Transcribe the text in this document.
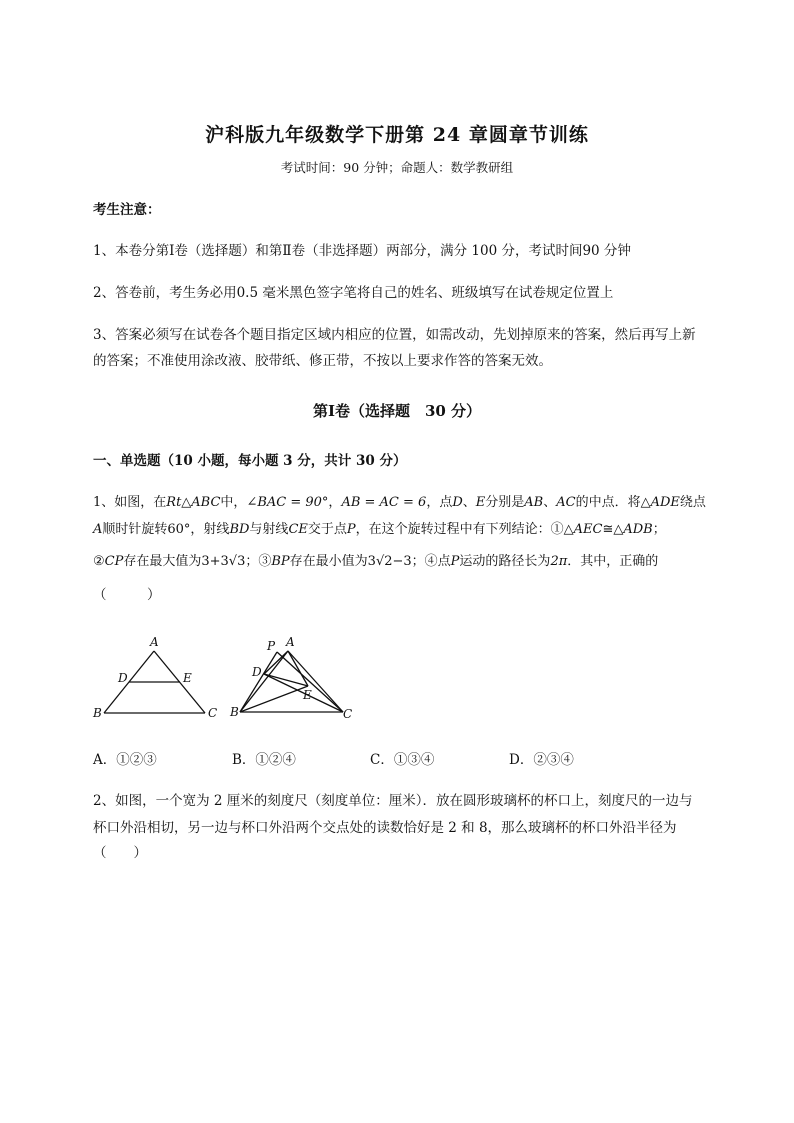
沪科版九年级数学下册第 24 章圆章节训练
考试时间：90 分钟；命题人：数学教研组
考生注意：
1、本卷分第Ⅰ卷（选择题）和第Ⅱ卷（非选择题）两部分，满分 100 分，考试时间90 分钟
2、答卷前，考生务必用0.5 毫米黑色签字笔将自己的姓名、班级填写在试卷规定位置上
3、答案必须写在试卷各个题目指定区域内相应的位置，如需改动，先划掉原来的答案，然后再写上新
的答案；不准使用涂改液、胶带纸、修正带，不按以上要求作答的答案无效。
第Ⅰ卷（选择题　30 分）
一、单选题（10 小题，每小题 3 分，共计 30 分）
1、如图，在Rt△ABC中，∠BAC = 90°，AB = AC = 6，点D、E分别是AB、AC的中点．将△ADE绕点
A顺时针旋转60°，射线BD与射线CE交于点P，在这个旋转过程中有下列结论：①△AEC≅△ADB；
②CP存在最大值为3+3√3；③BP存在最小值为3√2−3；④点P运动的路径长为2π．其中，正确的
（　　　）
A
D	E
B	C
P A
D
E
B	C
A．①②③	B．①②④	C．①③④	D．②③④
2、如图，一个宽为 2 厘米的刻度尺（刻度单位：厘米）．放在圆形玻璃杯的杯口上，刻度尺的一边与
杯口外沿相切，另一边与杯口外沿两个交点处的读数恰好是 2 和 8，那么玻璃杯的杯口外沿半径为
（　　）
